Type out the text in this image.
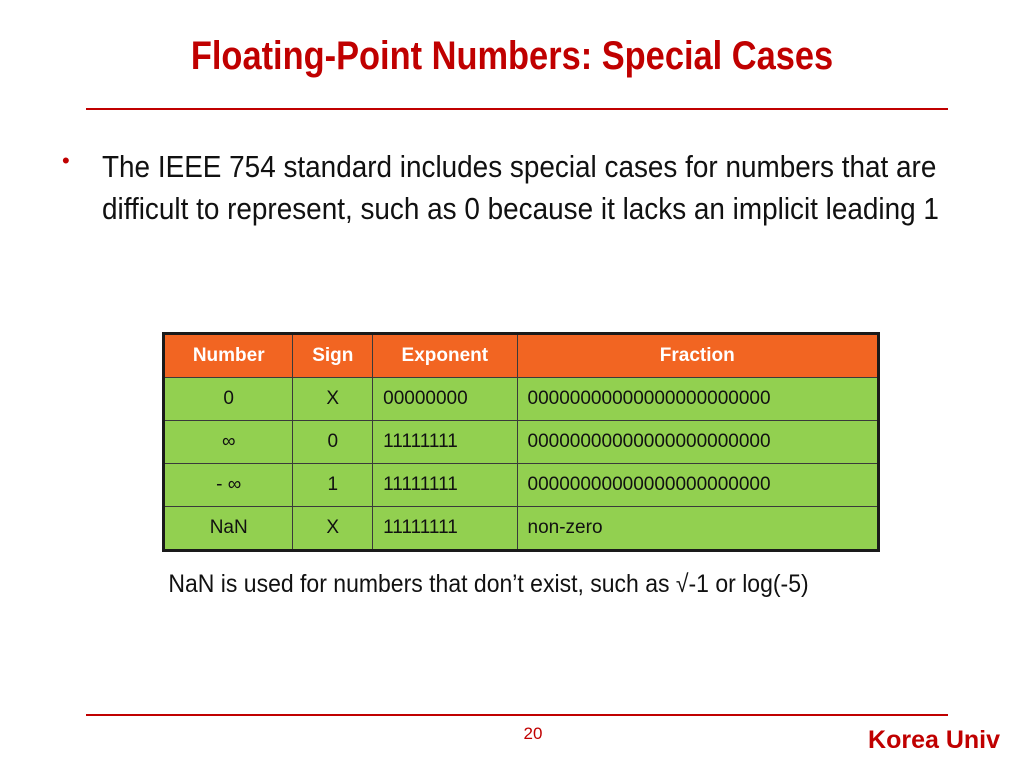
Floating-Point Numbers: Special Cases
• The IEEE 754 standard includes special cases for numbers that are difficult to represent, such as 0 because it lacks an implicit leading 1
Number	Sign	Exponent	Fraction
0	X	00000000	00000000000000000000000
∞	0	11111111	00000000000000000000000
- ∞	1	11111111	00000000000000000000000
NaN	X	11111111	non-zero
NaN is used for numbers that don’t exist, such as √-1 or log(-5)
20	Korea Univ
